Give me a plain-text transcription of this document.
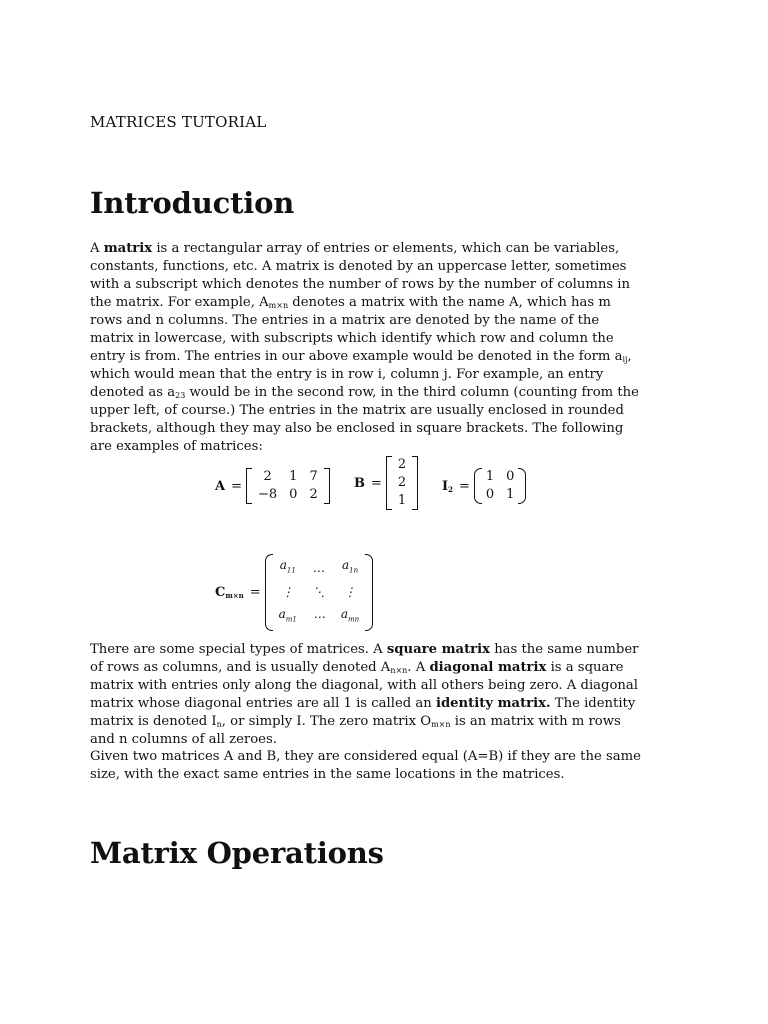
MATRICES TUTORIAL
Introduction

A matrix is a rectangular array of entries or elements, which can be variables, constants, functions, etc. A matrix is denoted by an uppercase letter, sometimes with a subscript which denotes the number of rows by the number of columns in the matrix. For example, $A_{m\times n}$ denotes a matrix with the name A, which has m rows and n columns. The entries in a matrix are denoted by the name of the matrix in lowercase, with subscripts which identify which row and column the entry is from. The entries in our above example would be denoted in the form $a_{ij}$, which would mean that the entry is in row i, column j. For example, an entry denoted as $a_{23}$ would be in the second row, in the third column (counting from the upper left, of course.) The entries in the matrix are usually enclosed in rounded brackets, although they may also be enclosed in square brackets. The following are examples of matrices:

A =
2	1	7
−8	0	2
B =
2
2
1
$I_2$ =
1	0
0	1
$C_{m\times n}$ =
$a_{11}$	…	$a_{1n}$
⋮	⋱	⋮
$a_{m1}$	⋯	$a_{mn}$

There are some special types of matrices. A square matrix has the same number of rows as columns, and is usually denoted $A_{n\times n}$. A diagonal matrix is a square matrix with entries only along the diagonal, with all others being zero. A diagonal matrix whose diagonal entries are all 1 is called an identity matrix. The identity matrix is denoted $I_n$, or simply I. The zero matrix $O_{m\times n}$ is an matrix with m rows and n columns of all zeroes.

Given two matrices A and B, they are considered equal (A=B) if they are the same size, with the exact same entries in the same locations in the matrices.

Matrix Operations
